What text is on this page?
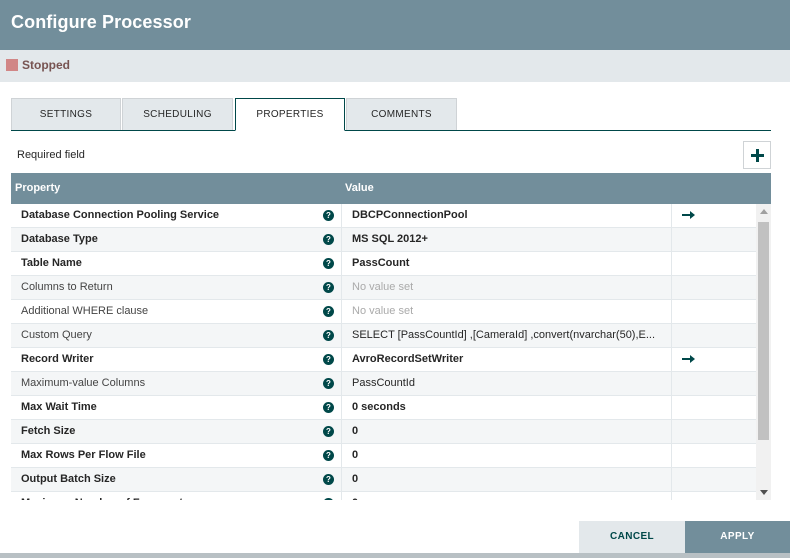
Configure Processor
Stopped
SETTINGS	SCHEDULING	PROPERTIES	COMMENTS
Required field
Property	Value
Database Connection Pooling Service	? DBCPConnectionPool
Database Type	? MS SQL 2012+
Table Name	? PassCount
Columns to Return	? No value set
Additional WHERE clause	? No value set
Custom Query	? SELECT [PassCountId] ,[CameraId] ,convert(nvarchar(50),E...
Record Writer	? AvroRecordSetWriter
Maximum-value Columns	? PassCountId
Max Wait Time	? 0 seconds
Fetch Size	? 0
Max Rows Per Flow File	? 0
Output Batch Size	? 0
CANCEL	APPLY
